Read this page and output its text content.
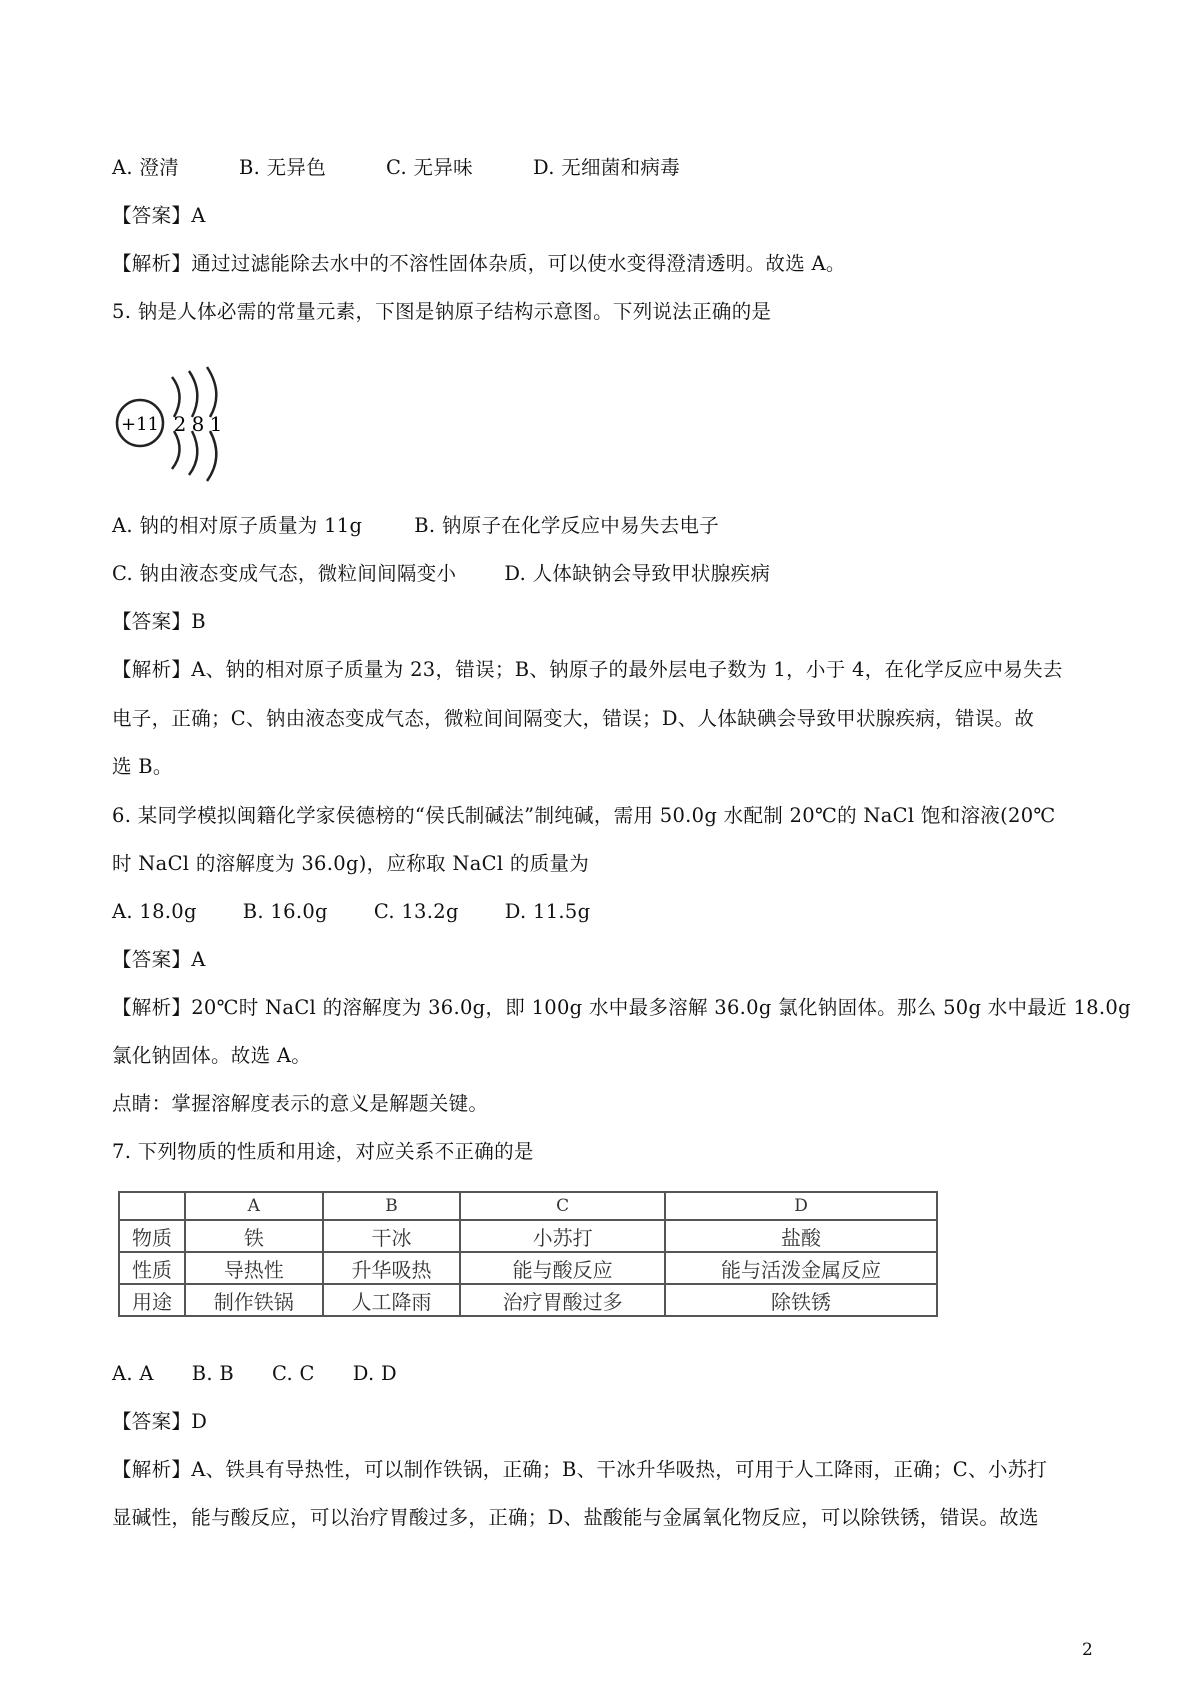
A. 澄清	B. 无异色	C. 无异味	D. 无细菌和病毒
【答案】A
【解析】通过过滤能除去水中的不溶性固体杂质，可以使水变得澄清透明。故选 A。
5. 钠是人体必需的常量元素，下图是钠原子结构示意图。下列说法正确的是
+11 2 8 1
A. 钠的相对原子质量为 11g	B. 钠原子在化学反应中易失去电子
C. 钠由液态变成气态，微粒间间隔变小 D. 人体缺钠会导致甲状腺疾病
【答案】B
【解析】A、钠的相对原子质量为 23，错误；B、钠原子的最外层电子数为 1，小于 4，在化学反应中易失去
电子，正确；C、钠由液态变成气态，微粒间间隔变大，错误；D、人体缺碘会导致甲状腺疾病，错误。故
选 B。
6. 某同学模拟闽籍化学家侯德榜的“侯氏制碱法”制纯碱，需用 50.0g 水配制 20℃的 NaCl 饱和溶液(20℃
时 NaCl 的溶解度为 36.0g)，应称取 NaCl 的质量为
A. 18.0g B. 16.0g C. 13.2g D. 11.5g
【答案】A
【解析】20℃时 NaCl 的溶解度为 36.0g，即 100g 水中最多溶解 36.0g 氯化钠固体。那么 50g 水中最近 18.0g
氯化钠固体。故选 A。
点睛：掌握溶解度表示的意义是解题关键。
7. 下列物质的性质和用途，对应关系不正确的是
	A	B	C	D
物质	铁	干冰	小苏打	盐酸
性质	导热性	升华吸热	能与酸反应	能与活泼金属反应
用途	制作铁锅	人工降雨	治疗胃酸过多	除铁锈
A. A B. B C. C D. D
【答案】D
【解析】A、铁具有导热性，可以制作铁锅，正确；B、干冰升华吸热，可用于人工降雨，正确；C、小苏打
显碱性，能与酸反应，可以治疗胃酸过多，正确；D、盐酸能与金属氧化物反应，可以除铁锈，错误。故选
2
